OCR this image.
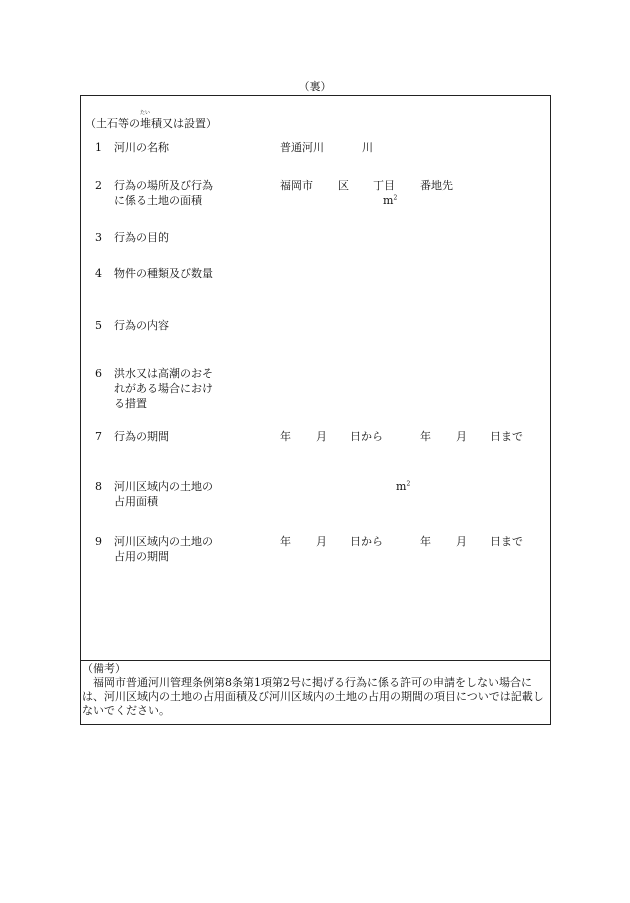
（裏）
（土石等の
たい
堆積又は設置）
1 河川の名称	普通河川	川
2 行為の場所及び行為
に係る土地の面積
福岡市 区 丁目 番地先
$m^2$
3 行為の目的
4 物件の種類及び数量
5 行為の内容
6 洪水又は高潮のおそ
れがある場合におけ
る措置
7 行為の期間	年 月 日から	年 月 日まで
8 河川区域内の土地の
占用面積
$m^2$
9 河川区域内の土地の
占用の期間
年 月 日から	年 月 日まで
（備考）
　福岡市普通河川管理条例第8条第1項第2号に掲げる行為に係る許可の申請をしない場合には、河川区域内の土地の占用面積及び河川区域内の土地の占用の期間の項目についでは記載しないでください。
